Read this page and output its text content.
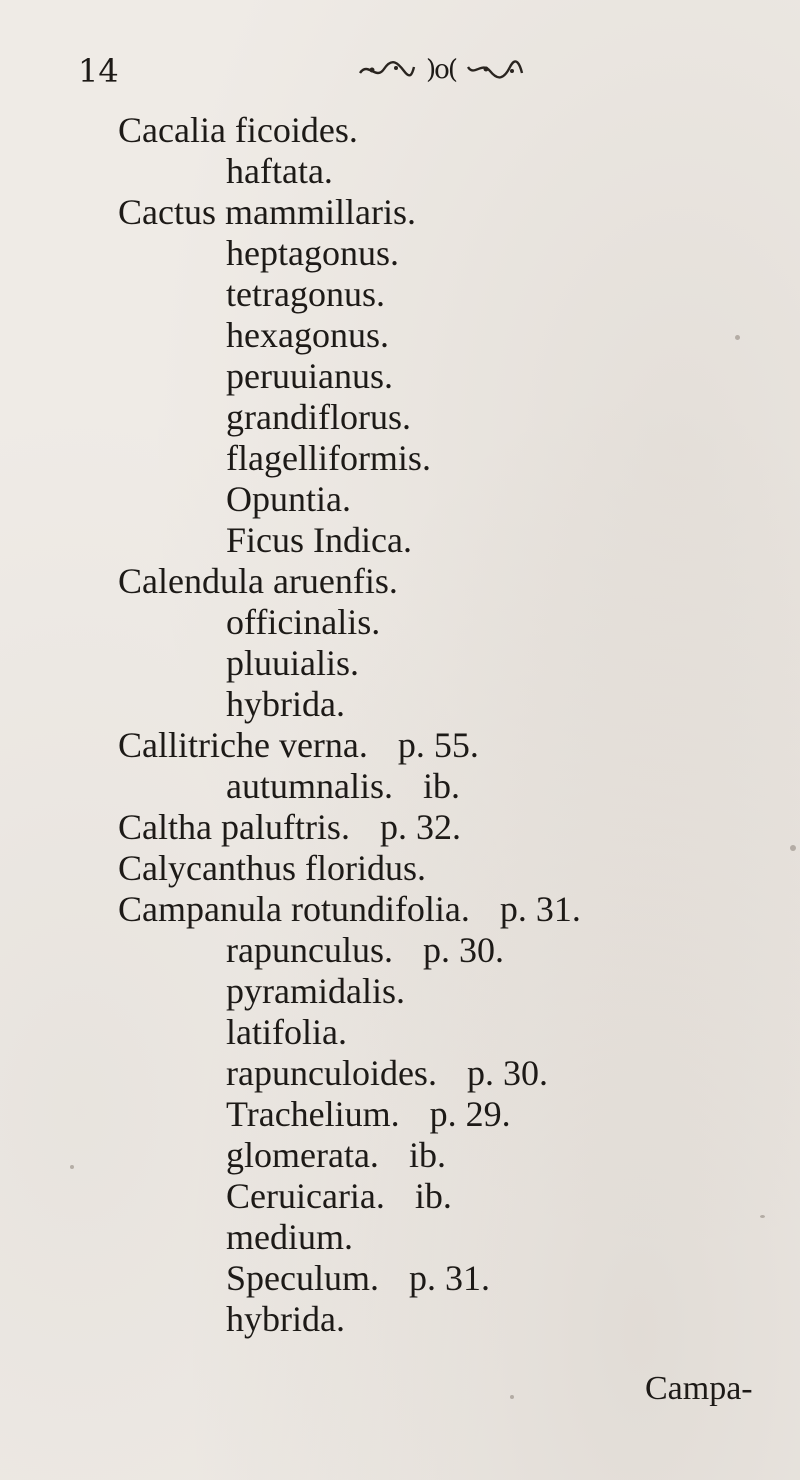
14	)o(
Cacalia ficoides.
haftata.
Cactus mammillaris.
heptagonus.
tetragonus.
hexagonus.
peruuianus.
grandiflorus.
flagelliformis.
Opuntia.
Ficus Indica.
Calendula aruenfis.
officinalis.
pluuialis.
hybrida.
Callitriche verna. p. 55.
autumnalis. ib.
Caltha paluftris. p. 32.
Calycanthus floridus.
Campanula rotundifolia. p. 31.
rapunculus. p. 30.
pyramidalis.
latifolia.
rapunculoides. p. 30.
Trachelium. p. 29.
glomerata. ib.
Ceruicaria. ib.
medium.
Speculum. p. 31.
hybrida.
Campa-
